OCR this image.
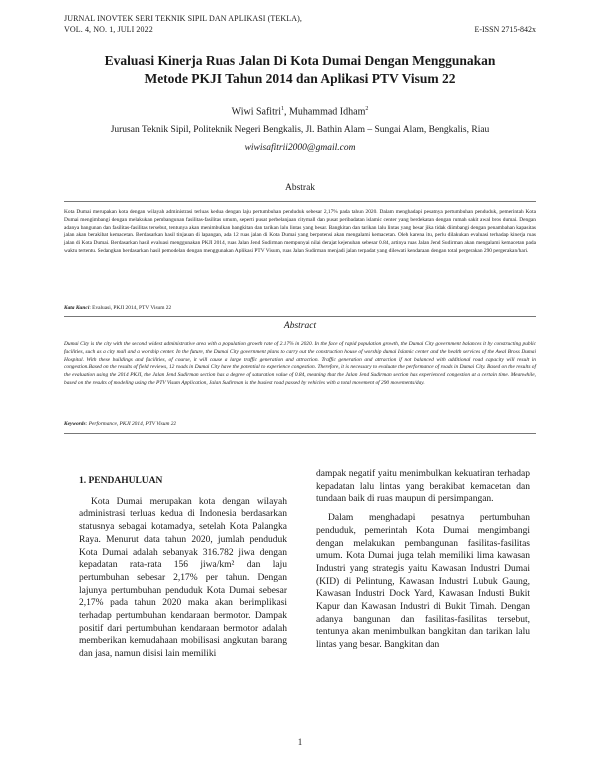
JURNAL INOVTEK SERI TEKNIK SIPIL DAN APLIKASI (TEKLA),
VOL. 4, NO. 1, JULI 2022	E-ISSN 2715-842x
Evaluasi Kinerja Ruas Jalan Di Kota Dumai Dengan Menggunakan
Metode PKJI Tahun 2014 dan Aplikasi PTV Visum 22
Wiwi Safitri$^1$, Muhammad Idham$^2$
Jurusan Teknik Sipil, Politeknik Negeri Bengkalis, Jl. Bathin Alam – Sungai Alam, Bengkalis, Riau
wiwisafitrii2000@gmail.com
Abstrak
Kota Dumai merupakan kota dengan wilayah administrasi terluas kedua dengan laju pertumbuhan penduduk sebesar 2,17% pada tahun 2020. Dalam menghadapi pesatnya pertumbuhan penduduk, pemerintah Kota Dumai mengimbangi dengan melakukan pembangunan fasilitas-fasilitas umum, seperti pusat perbelanjaan citymall dan pusat peribadatan islamic center yang berdekatan dengan rumah sakit awal bros dumai. Dengan adanya bangunan dan fasilitas-fasilitas tersebut, tentunya akan menimbulkan bangkitan dan tarikan lalu lintas yang besar. Bangkitan dan tarikan lalu lintas yang besar jika tidak diimbangi dengan penambahan kapasitas jalan akan berakibat kemacetan. Berdasarkan hasil tinjauan di lapangan, ada 12 ruas jalan di Kota Dumai yang berpotensi akan mengalami kemacetan. Oleh karena itu, perlu dilakukan evaluasi terhadap kinerja ruas jalan di Kota Dumai. Berdasarkan hasil evaluasi menggunakan PKJI 2014, ruas Jalan Jend Sudirman mempunyai nilai derajat kejenuhan sebesar 0.84, artinya ruas Jalan Jend Sudirman akan mengalami kemacetan pada waktu tertentu. Sedangkan berdasarkan hasil pemodelan dengan menggunakan Aplikasi PTV Visum, ruas Jalan Sudirman menjadi jalan terpadat yang dilewati kendaraan dengan total pergerakan 290 pergerakan/hari.
Kata Kunci: Evaluasi, PKJI 2014, PTV Visum 22
Abstract
Dumai City is the city with the second widest administrative area with a population growth rate of 2.17% in 2020. In the face of rapid population growth, the Dumai City government balances it by constructing public facilities, such as a city mall and a worship center. In the future, the Dumai City government plans to carry out the construction house of worship dumai Islamic center and the health services of the Awal Bross Dumai Hospital. With these buildings and facilities, of course, it will cause a large traffic generation and attraction. Traffic generation and attraction if not balanced with additional road capacity will result in congestion.Based on the results of field reviews, 12 roads in Dumai City have the potential to experience congestion. Therefore, it is necessary to evaluate the performance of roads in Dumai City. Based on the results of the evaluation using the 2014 PKJI, the Jalan Jend Sudirman section has a degree of saturation value of 0.84, meaning that the Jalan Jend Sudirman section has experienced congestion at a certain time. Meanwhile, based on the results of modeling using the PTV Visum Application, Jalan Sudirman is the busiest road passed by vehicles with a total movement of 290 movements/day.
Keywords: Performance, PKJI 2014, PTV Visum 22
1. PENDAHULUAN

Kota Dumai merupakan kota dengan wilayah administrasi terluas kedua di Indonesia berdasarkan statusnya sebagai kotamadya, setelah Kota Palangka Raya. Menurut data tahun 2020, jumlah penduduk Kota Dumai adalah sebanyak 316.782 jiwa dengan kepadatan rata-rata 156 jiwa/km² dan laju pertumbuhan sebesar 2,17% per tahun. Dengan lajunya pertumbuhan penduduk Kota Dumai sebesar 2,17% pada tahun 2020 maka akan berimplikasi terhadap pertumbuhan kendaraan bermotor. Dampak positif dari pertumbuhan kendaraan bermotor adalah memberikan kemudahaan mobilisasi angkutan barang dan jasa, namun disisi lain memiliki

dampak negatif yaitu menimbulkan kekuatiran terhadap kepadatan lalu lintas yang berakibat kemacetan dan tundaan baik di ruas maupun di persimpangan.

Dalam menghadapi pesatnya pertumbuhan penduduk, pemerintah Kota Dumai mengimbangi dengan melakukan pembangunan fasilitas-fasilitas umum. Kota Dumai juga telah memiliki lima kawasan Industri yang strategis yaitu Kawasan Industri Dumai (KID) di Pelintung, Kawasan Industri Lubuk Gaung, Kawasan Industri Dock Yard, Kawasan Industi Bukit Kapur dan Kawasan Industri di Bukit Timah. Dengan adanya bangunan dan fasilitas-fasilitas tersebut, tentunya akan menimbulkan bangkitan dan tarikan lalu lintas yang besar. Bangkitan dan

1
